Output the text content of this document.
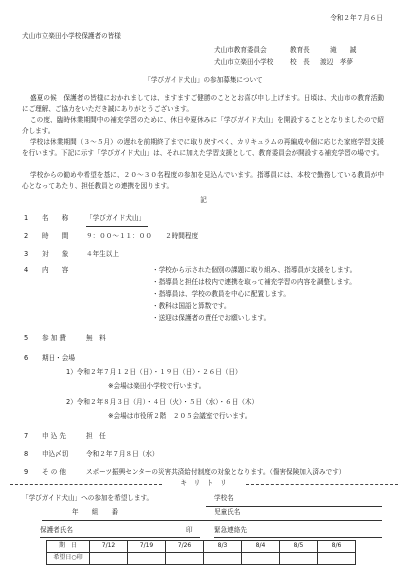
令和２年７月６日
犬山市立楽田小学校保護者の皆様
犬山市教育委員会	教育長	滝　　誠
犬山市立楽田小学校	校　長 渡辺　孝夢
「学びガイド犬山」の参加募集について
盛夏の候　保護者の皆様におかれましては、ますますご健勝のこととお喜び申し上げます。日頃は、犬山市の教育活動にご理解、ご協力をいただき誠にありがとうございます。
この度、臨時休業期間中の補充学習のために、休日や夏休みに「学びガイド犬山」を開設することとなりましたので紹介します。
学校は休業期間（３～５月）の遅れを前期終了までに取り戻すべく、カリキュラムの再編成や個に応じた家庭学習支援を行います。下記に示す「学びガイド犬山」は、それに加えた学習支援として、教育委員会が開設する補充学習の場です。
学校からの勧めや希望を基に、２０～３０名程度の参加を見込んでいます。指導員には、本校で勤務している教員が中心となってあたり、担任教員との連携を図ります。
記
1 名　　称	「学びガイド犬山」
2 時　　間	９：００～１１：００　　２時間程度
3 対　　象	４年生以上
4 内　　容	・学校から示された個別の課題に取り組み、指導員が支援をします。
・指導員と担任は校内で連携を取って補充学習の内容を調整します。
・指導員は、学校の教員を中心に配置します。
・教科は国語と算数です。
・送迎は保護者の責任でお願いします。
5 参 加 費	無　料
6 期日・会場
1）令和２年７月１２日（日）・１９日（日）・２６日（日）
※会場は楽田小学校で行います。
2）令和２年８月３日（月）・４日（火）・５日（水）・６日（木）
※会場は市役所２階　２０５会議室で行います。
7 申 込 先	担　任
8 申込〆切	令和２年７月８日（水）
9 そ の 他	スポーツ振興センターの災害共済給付制度の対象となります。（傷害保険加入済みです）
キ　リ　ト　リ
「学びガイド犬山」への参加を希望します。	学校名
年　　組　　番	児童氏名
保護者氏名	印	緊急連絡先
期　日	7/12	7/19	7/26	8/3	8/4	8/5	8/6
希望日○印							
